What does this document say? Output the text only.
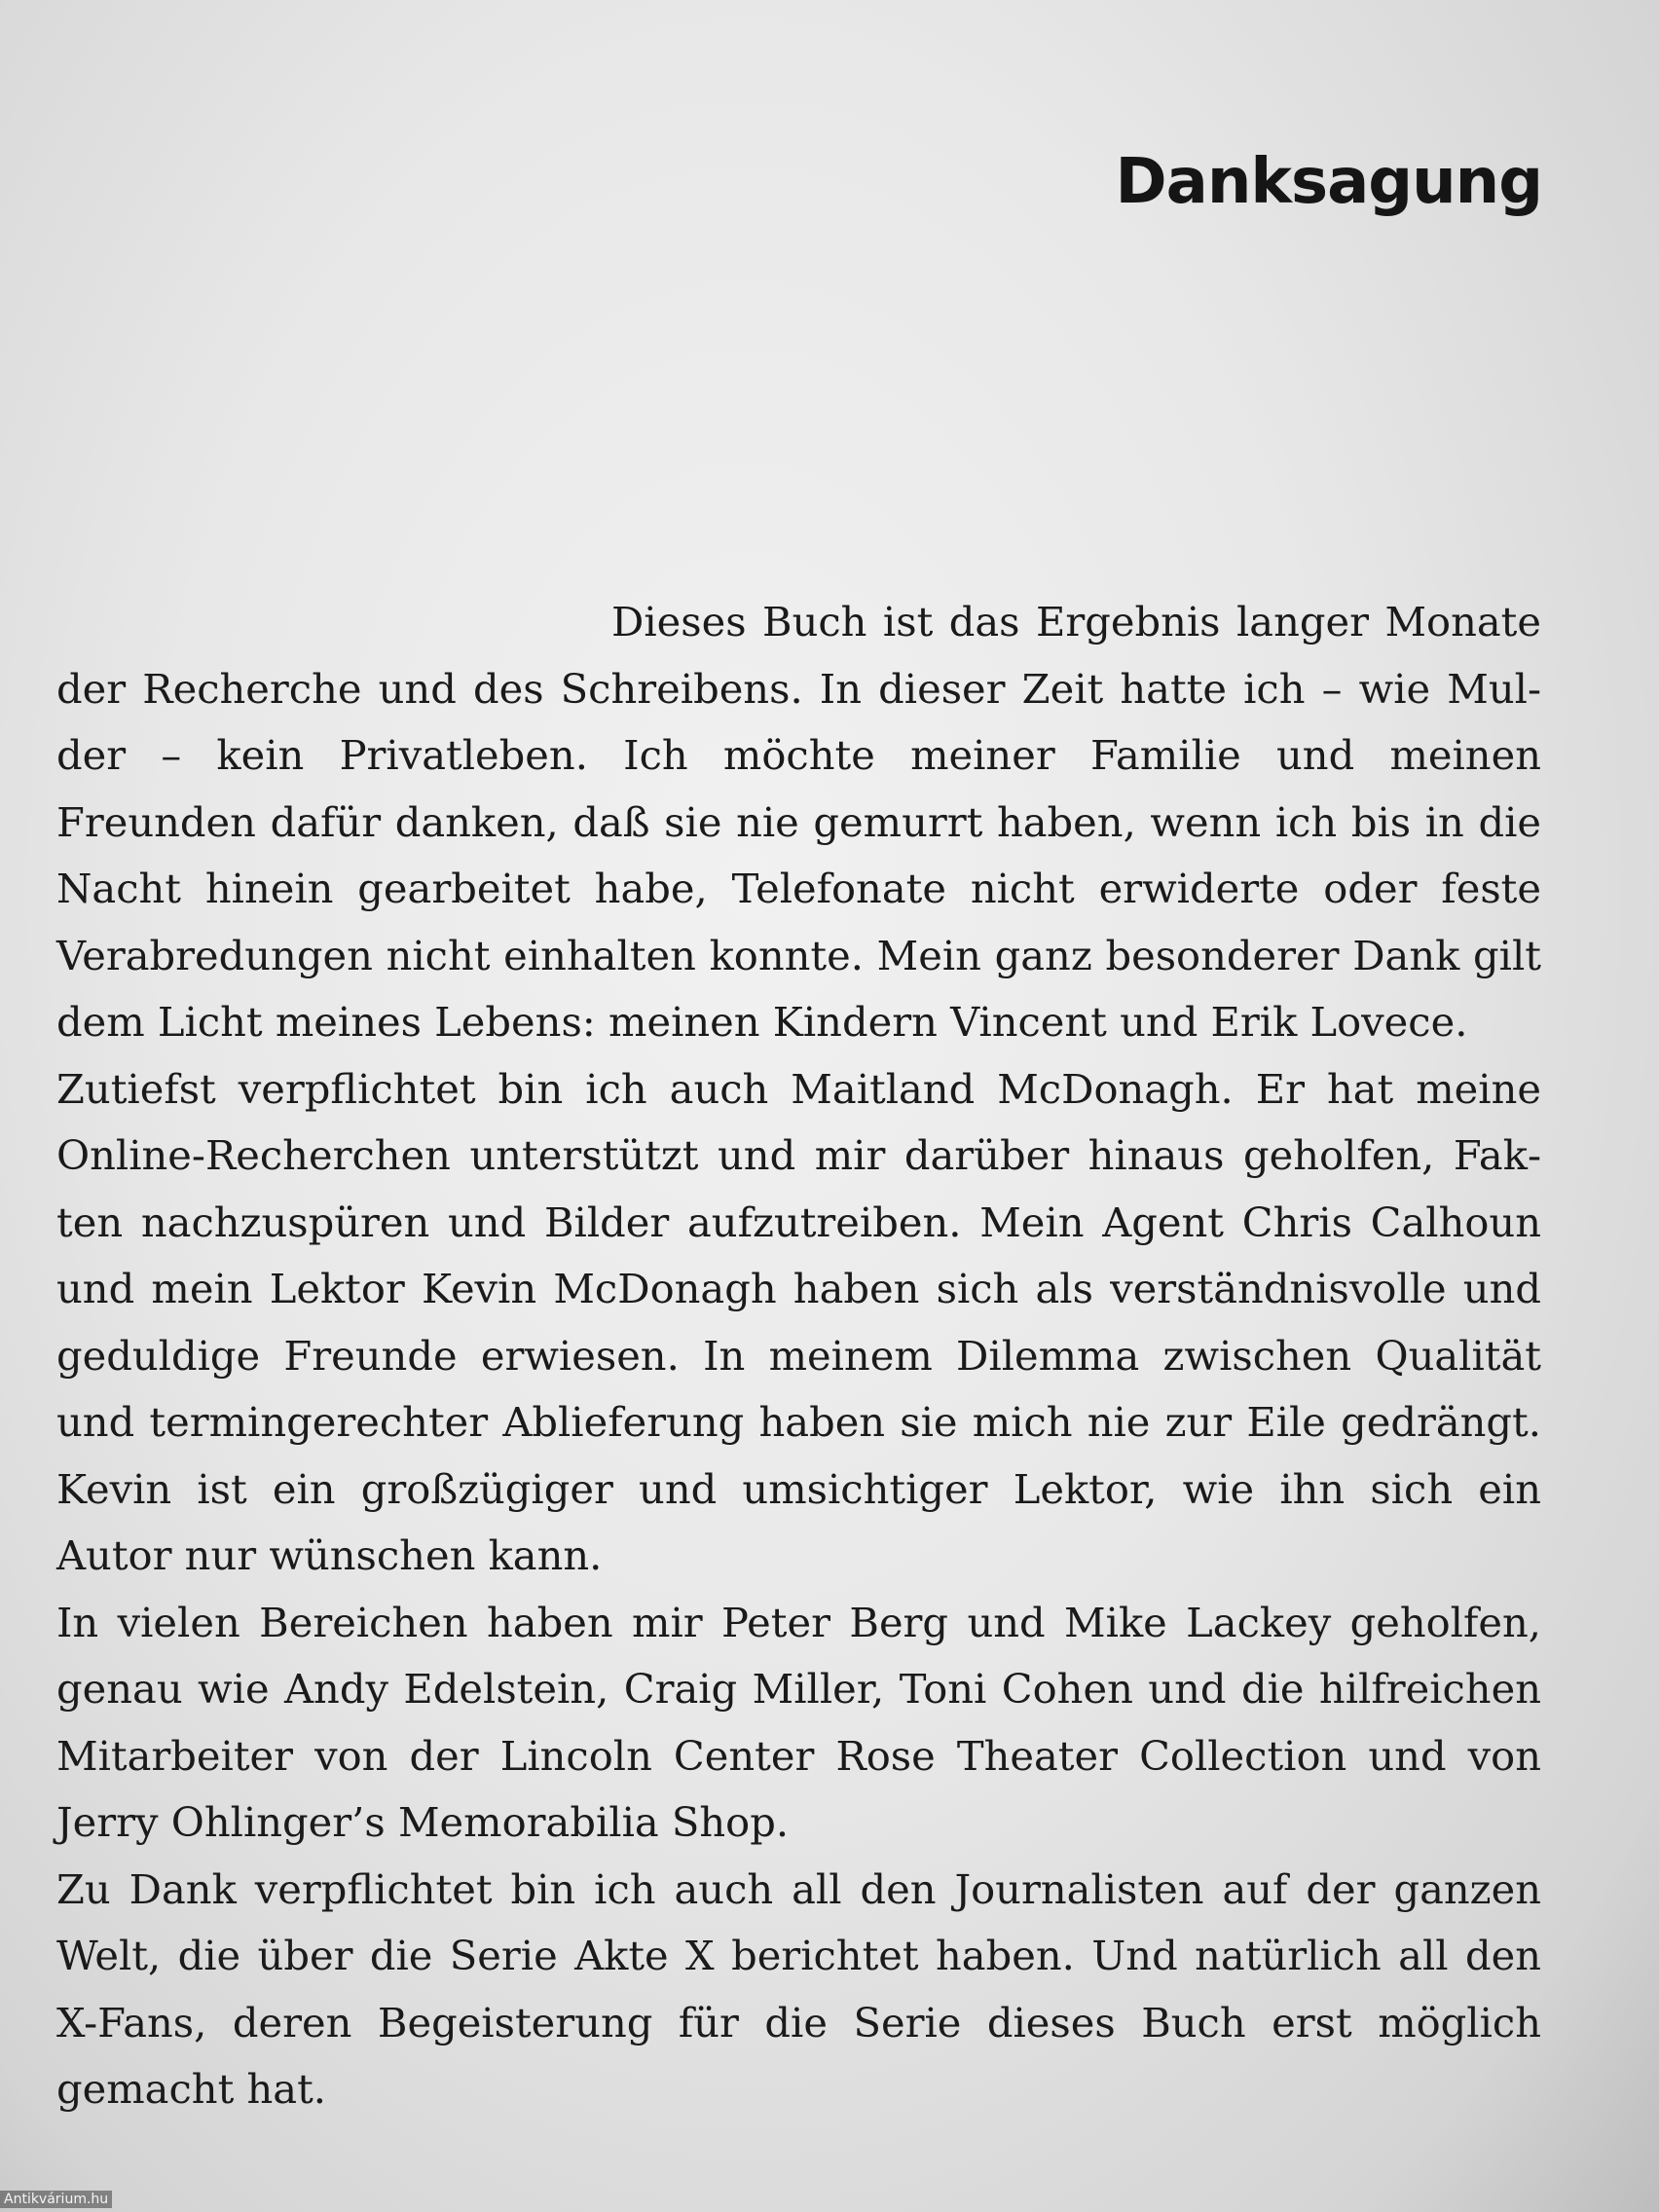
Danksagung

Dieses Buch ist das Ergebnis langer Monate der Recherche und des Schreibens. In dieser Zeit hatte ich – wie Mulder – kein Privatleben. Ich möchte meiner Familie und meinen Freunden dafür danken, daß sie nie gemurrt haben, wenn ich bis in die Nacht hinein gearbeitet habe, Telefonate nicht erwiderte oder feste Verabredungen nicht einhalten konnte. Mein ganz besonderer Dank gilt dem Licht meines Lebens: meinen Kindern Vincent und Erik Lovece.

Zutiefst verpflichtet bin ich auch Maitland McDonagh. Er hat meine Online-Recherchen unterstützt und mir darüber hinaus geholfen, Fakten nachzuspüren und Bilder aufzutreiben. Mein Agent Chris Calhoun und mein Lektor Kevin McDonagh haben sich als verständnisvolle und geduldige Freunde erwiesen. In meinem Dilemma zwischen Qualität und termingerechter Ablieferung haben sie mich nie zur Eile gedrängt. Kevin ist ein großzügiger und umsichtiger Lektor, wie ihn sich ein Autor nur wünschen kann.

In vielen Bereichen haben mir Peter Berg und Mike Lackey geholfen, genau wie Andy Edelstein, Craig Miller, Toni Cohen und die hilfreichen Mitarbeiter von der Lincoln Center Rose Theater Collection und von Jerry Ohlinger’s Memorabilia Shop.

Zu Dank verpflichtet bin ich auch all den Journalisten auf der ganzen Welt, die über die Serie Akte X berichtet haben. Und natürlich all den X-Fans, deren Begeisterung für die Serie dieses Buch erst möglich gemacht hat.

Antikvárium.hu
